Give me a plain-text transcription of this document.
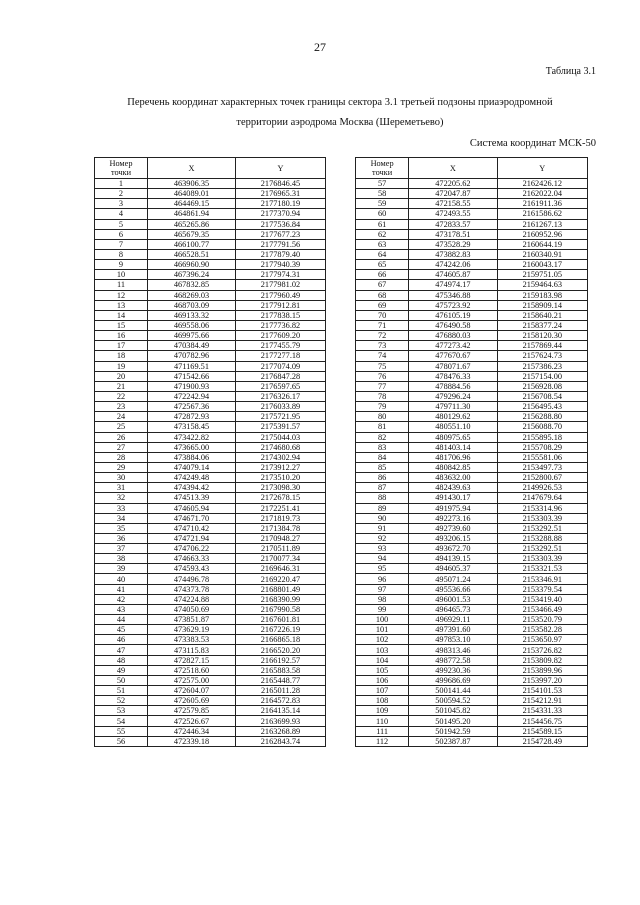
27
Таблица 3.1
Перечень координат характерных точек границы сектора 3.1 третьей подзоны приаэродромной
территории аэродрома Москва (Шереметьево)
Система координат МСК-50
Номер
точки	X	Y
1	463906.35	2176846.45
2	464089.01	2176965.31
3	464469.15	2177180.19
4	464861.94	2177370.94
5	465265.86	2177536.84
6	465679.35	2177677.23
7	466100.77	2177791.56
8	466528.51	2177879.40
9	466960.90	2177940.39
10	467396.24	2177974.31
11	467832.85	2177981.02
12	468269.03	2177960.49
13	468703.09	2177912.81
14	469133.32	2177838.15
15	469558.06	2177736.82
16	469975.66	2177609.20
17	470384.49	2177455.79
18	470782.96	2177277.18
19	471169.51	2177074.09
20	471542.66	2176847.28
21	471900.93	2176597.65
22	472242.94	2176326.17
23	472567.36	2176033.89
24	472872.93	2175721.95
25	473158.45	2175391.57
26	473422.82	2175044.03
27	473665.00	2174680.68
28	473884.06	2174302.94
29	474079.14	2173912.27
30	474249.48	2173510.20
31	474394.42	2173098.30
32	474513.39	2172678.15
33	474605.94	2172251.41
34	474671.70	2171819.73
35	474710.42	2171384.78
36	474721.94	2170948.27
37	474706.22	2170511.89
38	474663.33	2170077.34
39	474593.43	2169646.31
40	474496.78	2169220.47
41	474373.78	2168801.49
42	474224.88	2168390.99
43	474050.69	2167990.58
44	473851.87	2167601.81
45	473629.19	2167226.19
46	473383.53	2166865.18
47	473115.83	2166520.20
48	472827.15	2166192.57
49	472518.60	2165883.58
50	472575.00	2165448.77
51	472604.07	2165011.28
52	472605.69	2164572.83
53	472579.85	2164135.14
54	472526.67	2163699.93
55	472446.34	2163268.89
56	472339.18	2162843.74
Номер
точки	X	Y
57	472205.62	2162426.12
58	472047.87	2162022.04
59	472158.55	2161911.36
60	472493.55	2161586.62
61	472833.57	2161267.13
62	473178.51	2160952.96
63	473528.29	2160644.19
64	473882.83	2160340.91
65	474242.06	2160043.17
66	474605.87	2159751.05
67	474974.17	2159464.63
68	475346.88	2159183.98
69	475723.92	2158909.14
70	476105.19	2158640.21
71	476490.58	2158377.24
72	476880.03	2158120.30
73	477273.42	2157869.44
74	477670.67	2157624.73
75	478071.67	2157386.23
76	478476.33	2157154.00
77	478884.56	2156928.08
78	479296.24	2156708.54
79	479711.30	2156495.43
80	480129.62	2156288.80
81	480551.10	2156088.70
82	480975.65	2155895.18
83	481403.14	2155708.29
84	481706.96	2155581.06
85	480842.85	2153497.73
86	483632.00	2152800.67
87	482439.63	2149926.53
88	491430.17	2147679.64
89	491975.94	2153314.96
90	492273.16	2153303.39
91	492739.60	2153292.51
92	493206.15	2153288.88
93	493672.70	2153292.51
94	494139.15	2153303.39
95	494605.37	2153321.53
96	495071.24	2153346.91
97	495536.66	2153379.54
98	496001.53	2153419.40
99	496465.73	2153466.49
100	496929.11	2153520.79
101	497391.60	2153582.28
102	497853.10	2153650.97
103	498313.46	2153726.82
104	498772.58	2153809.82
105	499230.36	2153899.96
106	499686.69	2153997.20
107	500141.44	2154101.53
108	500594.52	2154212.91
109	501045.82	2154331.33
110	501495.20	2154456.75
111	501942.59	2154589.15
112	502387.87	2154728.49
